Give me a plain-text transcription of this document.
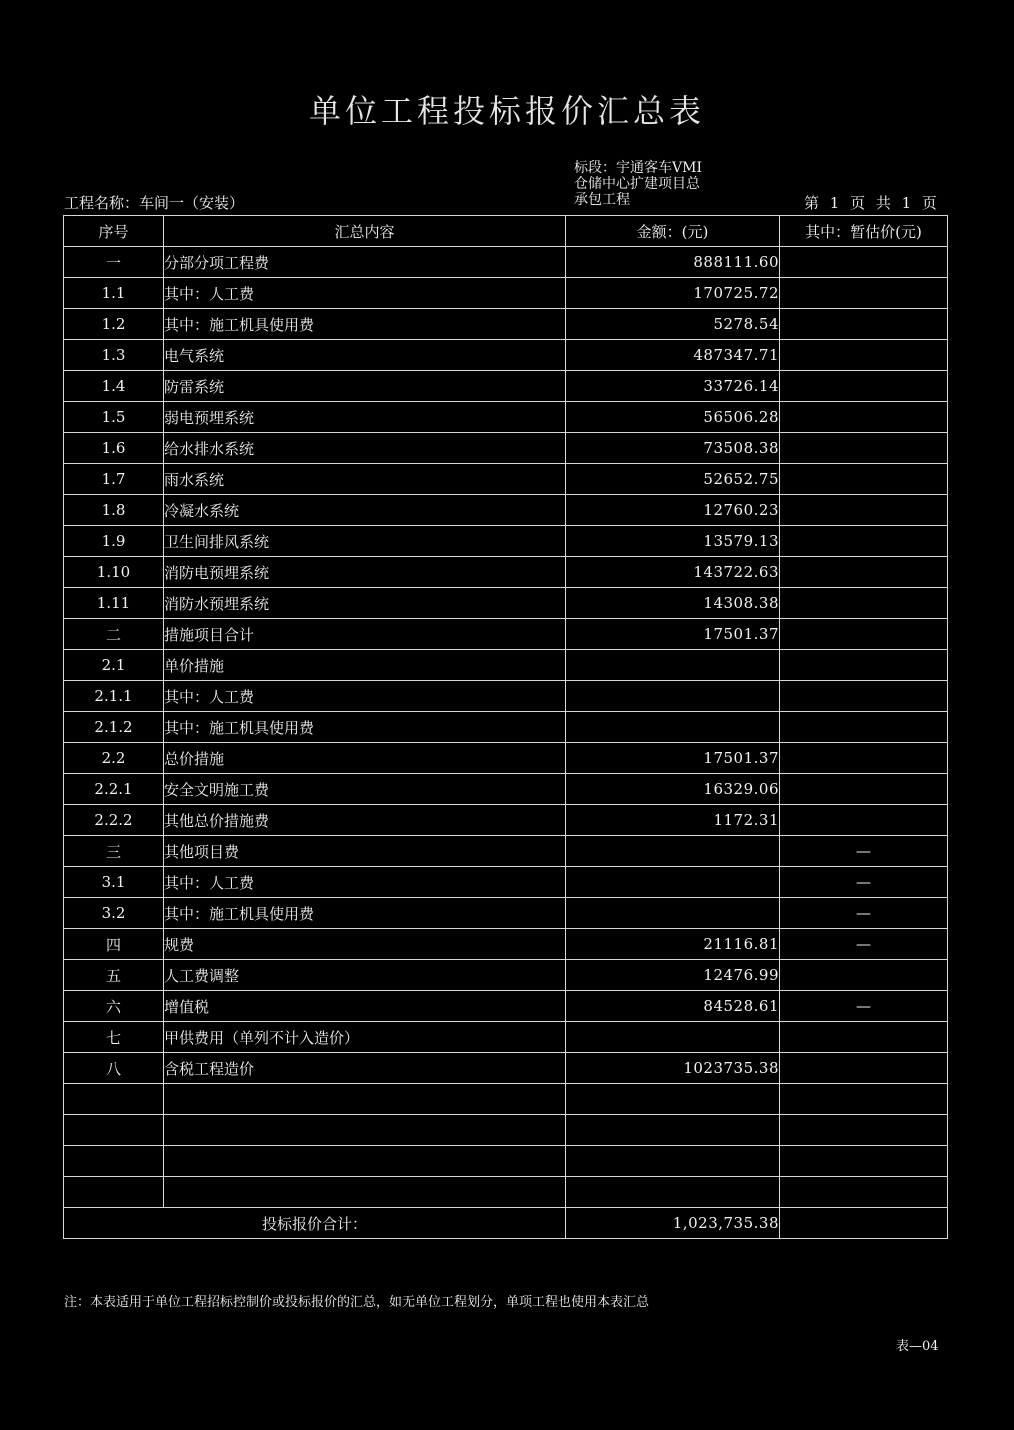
单位工程投标报价汇总表
工程名称：车间一（安装）
标段：宇通客车VMI
仓储中心扩建项目总
承包工程	第 1 页 共 1 页
序号	汇总内容	金额：(元)	其中：暂估价(元)
一	分部分项工程费	888111.60	
1.1	其中：人工费	170725.72	
1.2	其中：施工机具使用费	5278.54	
1.3	电气系统	487347.71	
1.4	防雷系统	33726.14	
1.5	弱电预埋系统	56506.28	
1.6	给水排水系统	73508.38	
1.7	雨水系统	52652.75	
1.8	冷凝水系统	12760.23	
1.9	卫生间排风系统	13579.13	
1.10	消防电预埋系统	143722.63	
1.11	消防水预埋系统	14308.38	
二	措施项目合计	17501.37	
2.1	单价措施		
2.1.1	其中：人工费		
2.1.2	其中：施工机具使用费		
2.2	总价措施	17501.37	
2.2.1	安全文明施工费	16329.06	
2.2.2	其他总价措施费	1172.31	
三	其他项目费		—
3.1	其中：人工费		—
3.2	其中：施工机具使用费		—
四	规费	21116.81	—
五	人工费调整	12476.99	
六	增值税	84528.61	—
七	甲供费用（单列不计入造价）		
八	含税工程造价	1023735.38	

投标报价合计：		1,023,735.38	
注：本表适用于单位工程招标控制价或投标报价的汇总，如无单位工程划分，单项工程也使用本表汇总
表—04
